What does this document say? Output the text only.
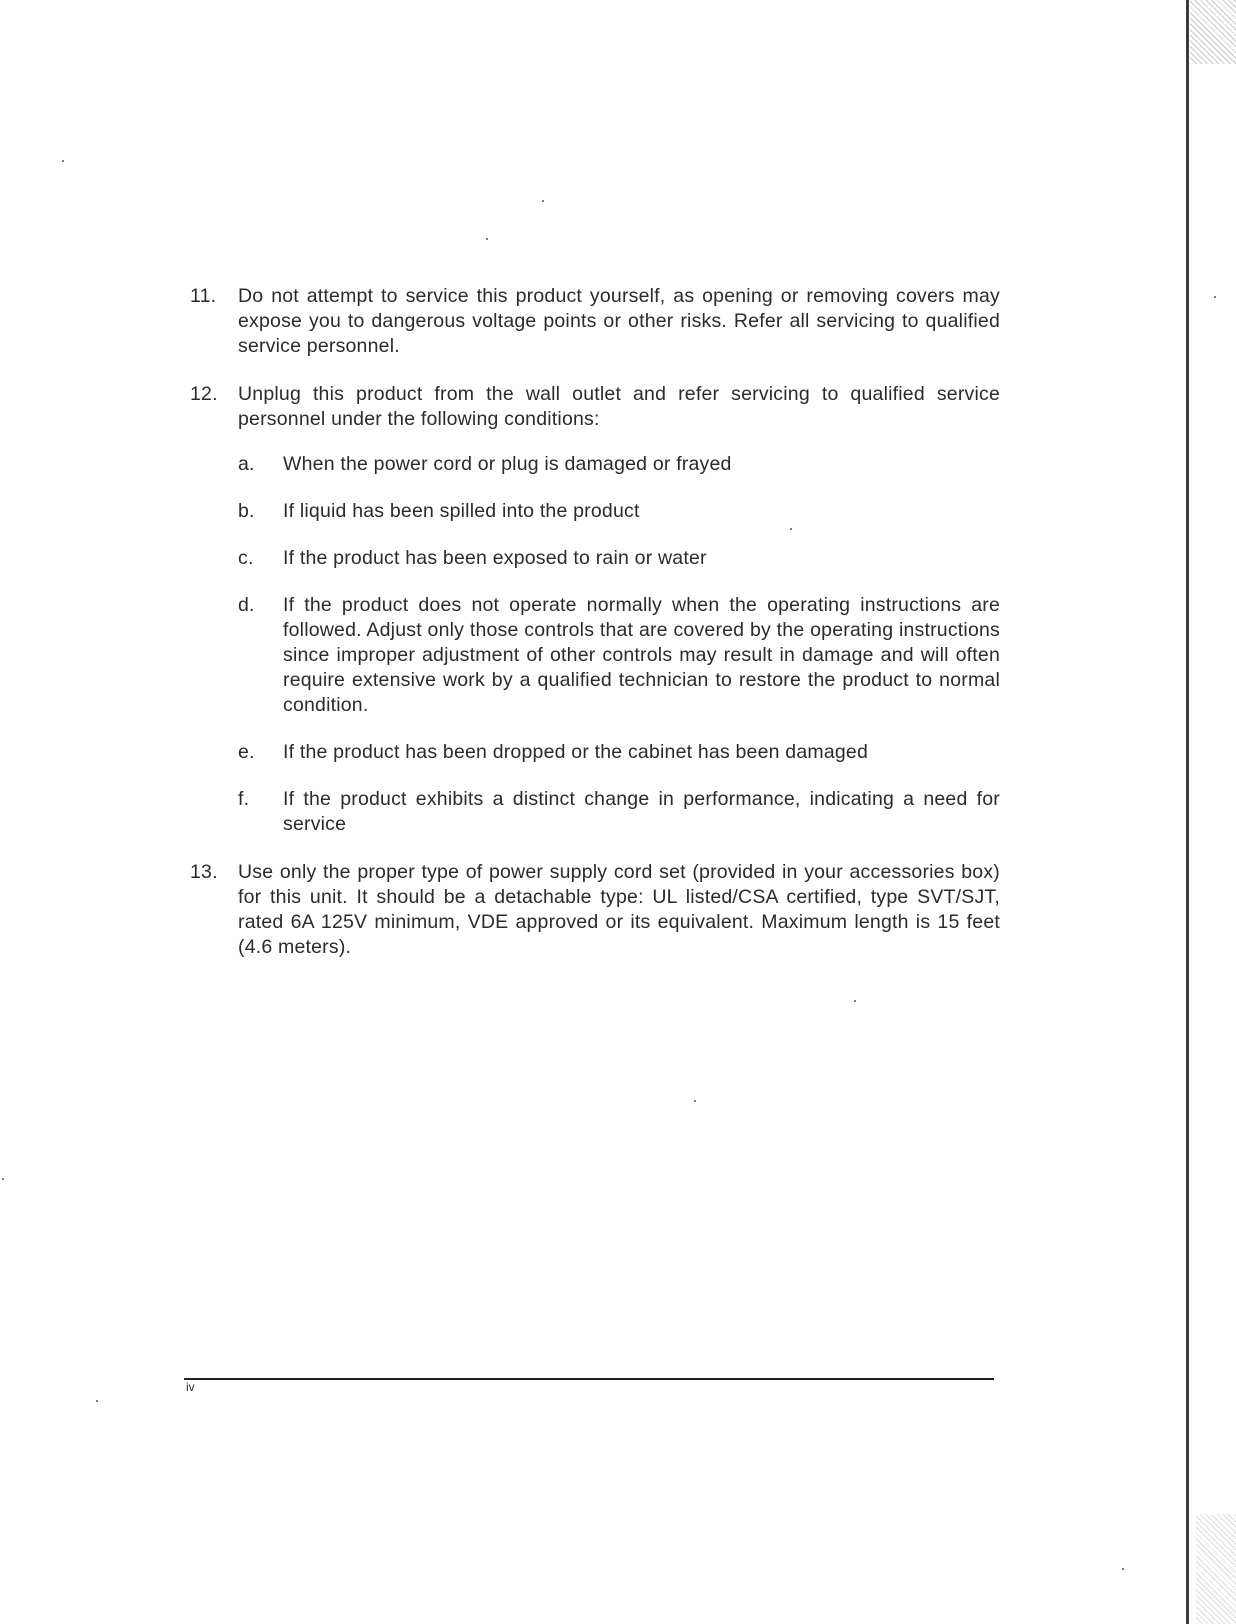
11. Do not attempt to service this product yourself, as opening or removing covers may expose you to dangerous voltage points or other risks. Refer all servicing to qualified service personnel.
12. Unplug this product from the wall outlet and refer servicing to qualified service personnel under the following conditions:
a. When the power cord or plug is damaged or frayed
b. If liquid has been spilled into the product
c. If the product has been exposed to rain or water
d. If the product does not operate normally when the operating instructions are followed. Adjust only those controls that are covered by the operating instructions since improper adjustment of other controls may result in damage and will often require extensive work by a qualified technician to restore the product to normal condition.
e. If the product has been dropped or the cabinet has been damaged
f. If the product exhibits a distinct change in performance, indicating a need for service
13. Use only the proper type of power supply cord set (provided in your accessories box) for this unit. It should be a detachable type: UL listed/CSA certified, type SVT/SJT, rated 6A 125V minimum, VDE approved or its equivalent. Maximum length is 15 feet (4.6 meters).
iv
